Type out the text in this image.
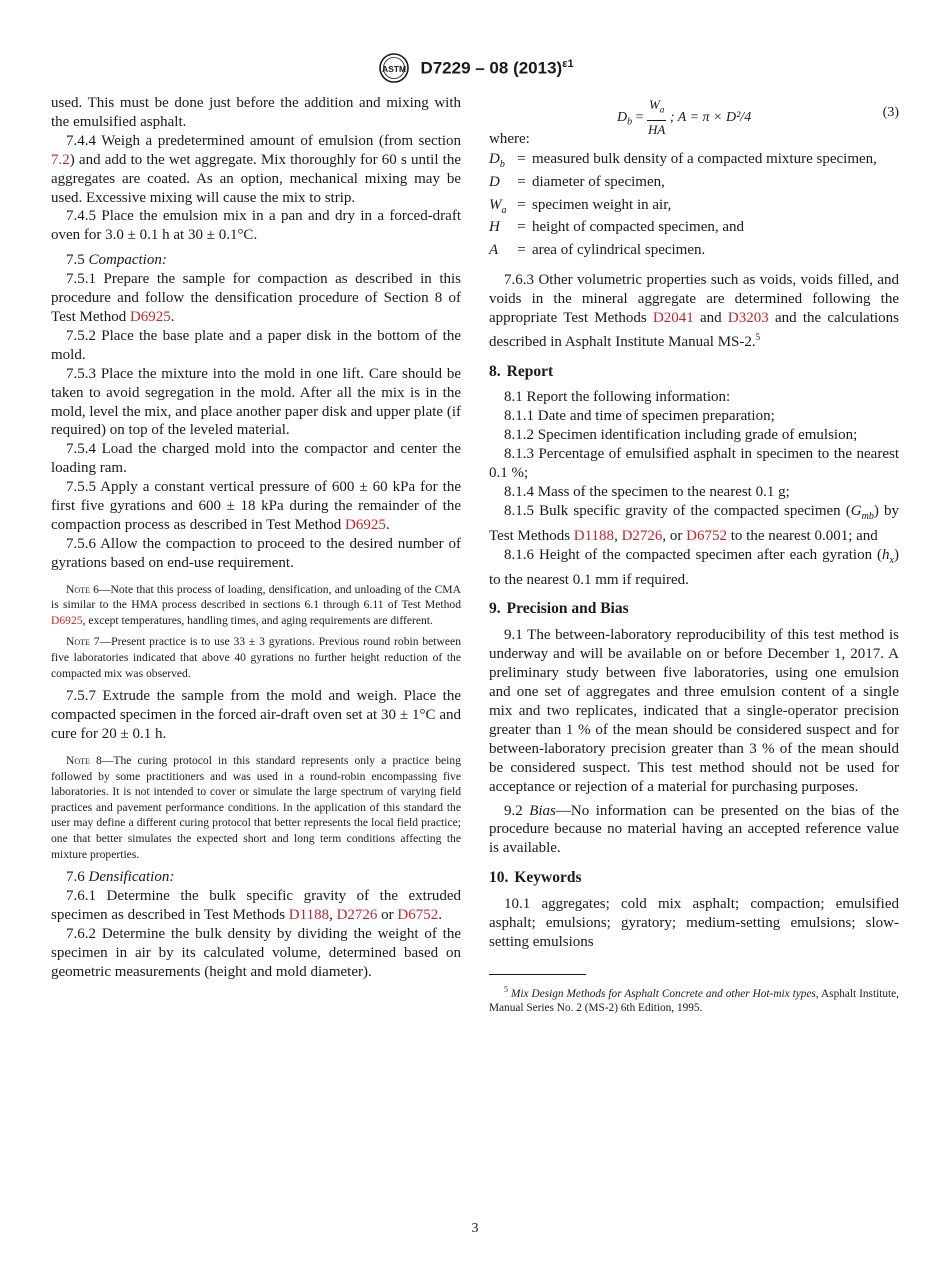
ASTM D7229 – 08 $(2013)^{\varepsilon 1}$

used. This must be done just before the addition and mixing with the emulsified asphalt.

7.4.4 Weigh a predetermined amount of emulsion (from section 7.2) and add to the wet aggregate. Mix thoroughly for 60 s until the aggregates are coated. As an option, mechanical mixing may be used. Excessive mixing will cause the mix to strip.

7.4.5 Place the emulsion mix in a pan and dry in a forced-draft oven for 3.0 ± 0.1 h at 30 ± 0.1°C.

7.5 Compaction:

7.5.1 Prepare the sample for compaction as described in this procedure and follow the densification procedure of Section 8 of Test Method D6925.

7.5.2 Place the base plate and a paper disk in the bottom of the mold.

7.5.3 Place the mixture into the mold in one lift. Care should be taken to avoid segregation in the mold. After all the mix is in the mold, level the mix, and place another paper disk and upper plate (if required) on top of the leveled material.

7.5.4 Load the charged mold into the compactor and center the loading ram.

7.5.5 Apply a constant vertical pressure of 600 ± 60 kPa for the first five gyrations and 600 ± 18 kPa during the remainder of the compaction process as described in Test Method D6925.

7.5.6 Allow the compaction to proceed to the desired number of gyrations based on end-use requirement.

Note 6—Note that this process of loading, densification, and unloading of the CMA is similar to the HMA process described in sections 6.1 through 6.11 of Test Method D6925, except temperatures, handling times, and aging requirements are different.

Note 7—Present practice is to use 33 ± 3 gyrations. Previous round robin between five laboratories indicated that above 40 gyrations no further height reduction of the compacted mix was observed.

7.5.7 Extrude the sample from the mold and weigh. Place the compacted specimen in the forced air-draft oven set at 30 ± 1°C and cure for 20 ± 0.1 h.

Note 8—The curing protocol in this standard represents only a practice being followed by some practitioners and was used in a round-robin encompassing five laboratories. It is not intended to cover or simulate the large spectrum of varying field practices and pavement performance conditions. In the application of this standard the user may define a different curing protocol that better represents the local field practice; one that better simulates the expected short and long term conditions affecting the mixture properties.

7.6 Densification:

7.6.1 Determine the bulk specific gravity of the extruded specimen as described in Test Methods D1188, D2726 or D6752.

7.6.2 Determine the bulk density by dividing the weight of the specimen in air by its calculated volume, determined based on geometric measurements (height and mold diameter).

$D_b = \frac{W_a}{HA}$ ; A = π × D²/4	(3)

where:

$D_b$ = measured bulk density of a compacted mixture specimen,
D	= diameter of specimen,
$W_a$ = specimen weight in air,
H	= height of compacted specimen, and
A	= area of cylindrical specimen.

7.6.3 Other volumetric properties such as voids, voids filled, and voids in the mineral aggregate are determined following the appropriate Test Methods D2041 and D3203 and the calculations described in Asphalt Institute Manual MS-2.$^5$

8. Report

8.1 Report the following information:

8.1.1 Date and time of specimen preparation;

8.1.2 Specimen identification including grade of emulsion;

8.1.3 Percentage of emulsified asphalt in specimen to the nearest 0.1 %;

8.1.4 Mass of the specimen to the nearest 0.1 g;

8.1.5 Bulk specific gravity of the compacted specimen $(G_{mb})$ by Test Methods D1188, D2726, or D6752 to the nearest 0.001; and

8.1.6 Height of the compacted specimen after each gyration $(h_x)$ to the nearest 0.1 mm if required.

9. Precision and Bias

9.1 The between-laboratory reproducibility of this test method is underway and will be available on or before December 1, 2017. A preliminary study between five laboratories, using one emulsion and one set of aggregates and three emulsion content of a single mix and two replicates, indicated that a single-operator precision greater than 1 % of the mean should be considered suspect and for between-laboratory precision greater than 3 % of the mean should be considered suspect. This test method should not be used for acceptance or rejection of a material for purchasing purposes.

9.2 Bias—No information can be presented on the bias of the procedure because no material having an accepted reference value is available.

10. Keywords

10.1 aggregates; cold mix asphalt; compaction; emulsified asphalt; emulsions; gyratory; medium-setting emulsions; slow-setting emulsions

$^5$ Mix Design Methods for Asphalt Concrete and other Hot-mix types, Asphalt Institute, Manual Series No. 2 (MS-2) 6th Edition, 1995.

3
